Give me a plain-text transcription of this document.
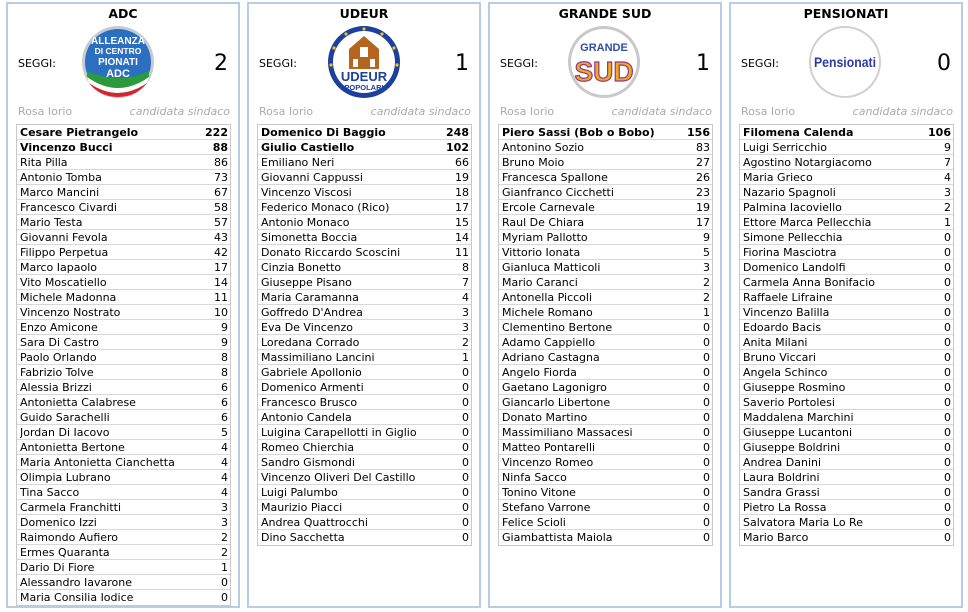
ADC
SEGGI:
ALLEANZA
DI CENTRO
PIONATI
ADC	2
Rosa Iorio	candidata sindaco
Cesare Pietrangelo	222
Vincenzo Bucci	88
Rita Pilla	86
Antonio Tomba	73
Marco Mancini	67
Francesco Civardi	58
Mario Testa	57
Giovanni Fevola	43
Filippo Perpetua	42
Marco Iapaolo	17
Vito Moscatiello	14
Michele Madonna	11
Vincenzo Nostrato	10
Enzo Amicone	9
Sara Di Castro	9
Paolo Orlando	8
Fabrizio Tolve	8
Alessia Brizzi	6
Antonietta Calabrese	6
Guido Sarachelli	6
Jordan Di Iacovo	5
Antonietta Bertone	4
Maria Antonietta Cianchetta	4
Olimpia Lubrano	4
Tina Sacco	4
Carmela Franchitti	3
Domenico Izzi	3
Raimondo Aufiero	2
Ermes Quaranta	2
Dario Di Fiore	1
Alessandro Iavarone	0
Maria Consilia Iodice	0
UDEUR
SEGGI:
UDEUR
POPOLARI
1
Rosa Iorio	candidata sindaco
Domenico Di Baggio	248
Giulio Castiello	102
Emiliano Neri	66
Giovanni Cappussi	19
Vincenzo Viscosi	18
Federico Monaco (Rico)	17
Antonio Monaco	15
Simonetta Boccia	14
Donato Riccardo Scoscini	11
Cinzia Bonetto	8
Giuseppe Pisano	7
Maria Caramanna	4
Goffredo D'Andrea	3
Eva De Vincenzo	3
Loredana Corrado	2
Massimiliano Lancini	1
Gabriele Apollonio	0
Domenico Armenti	0
Francesco Brusco	0
Antonio Candela	0
Luigina Carapellotti in Giglio	0
Romeo Chierchia	0
Sandro Gismondi	0
Vincenzo Oliveri Del Castillo	0
Luigi Palumbo	0
Maurizio Piacci	0
Andrea Quattrocchi	0
Dino Sacchetta	0
GRANDE SUD
SEGGI:
GRANDE
SUD	1
Rosa Iorio	candidata sindaco
Piero Sassi (Bob o Bobo)	156
Antonino Sozio	83
Bruno Moio	27
Francesca Spallone	26
Gianfranco Cicchetti	23
Ercole Carnevale	19
Raul De Chiara	17
Myriam Pallotto	9
Vittorio Ionata	5
Gianluca Matticoli	3
Mario Caranci	2
Antonella Piccoli	2
Michele Romano	1
Clementino Bertone	0
Adamo Cappiello	0
Adriano Castagna	0
Angelo Fiorda	0
Gaetano Lagonigro	0
Giancarlo Libertone	0
Donato Martino	0
Massimiliano Massacesi	0
Matteo Pontarelli	0
Vincenzo Romeo	0
Ninfa Sacco	0
Tonino Vitone	0
Stefano Varrone	0
Felice Scioli	0
Giambattista Maiola	0
PENSIONATI
SEGGI:	Pensionati	0
Rosa Iorio	candidata sindaco
Filomena Calenda	106
Luigi Serricchio	9
Agostino Notargiacomo	7
Maria Grieco	4
Nazario Spagnoli	3
Palmina Iacoviello	2
Ettore Marca Pellecchia	1
Simone Pellecchia	0
Fiorina Masciotra	0
Domenico Landolfi	0
Carmela Anna Bonifacio	0
Raffaele Lifraine	0
Vincenzo Balilla	0
Edoardo Bacis	0
Anita Milani	0
Bruno Viccari	0
Angela Schinco	0
Giuseppe Rosmino	0
Saverio Portolesi	0
Maddalena Marchini	0
Giuseppe Lucantoni	0
Giuseppe Boldrini	0
Andrea Danini	0
Laura Boldrini	0
Sandra Grassi	0
Pietro La Rossa	0
Salvatora Maria Lo Re	0
Mario Barco	0
